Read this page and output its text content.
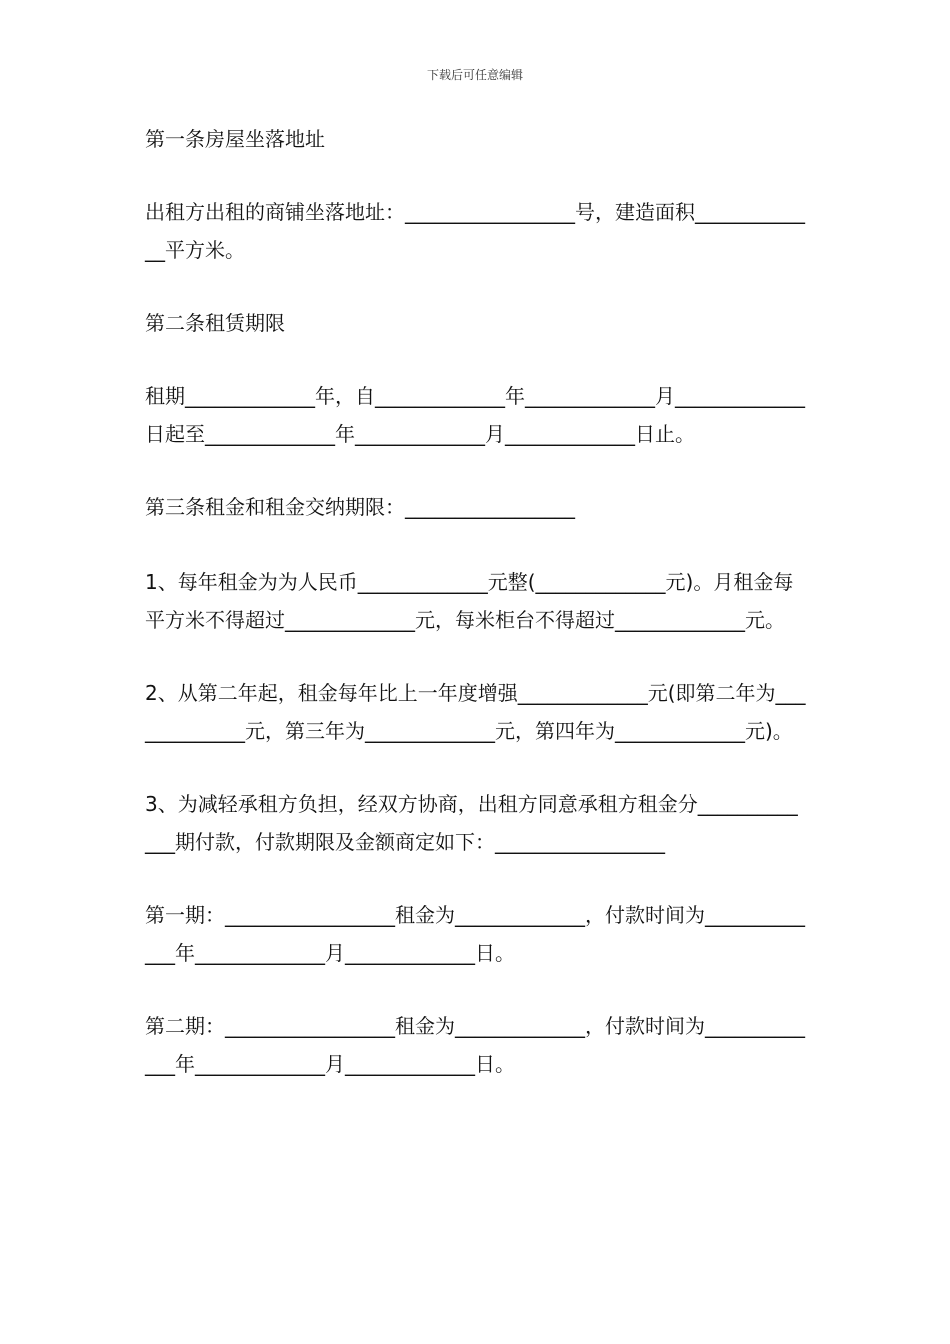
下载后可任意编辑

第一条房屋坐落地址

出租方出租的商铺坐落地址：_________________号，建造面积_____________平方米。

第二条租赁期限

租期_____________年，自_____________年_____________月_____________日起至_____________年_____________月_____________日止。

第三条租金和租金交纳期限：_________________

1、每年租金为为人民币_____________元整(_____________元)。月租金每平方米不得超过_____________元，每米柜台不得超过_____________元。

2、从第二年起，租金每年比上一年度增强_____________元(即第二年为_____________元，第三年为_____________元，第四年为_____________元)。

3、为减轻承租方负担，经双方协商，出租方同意承租方租金分_____________期付款，付款期限及金额商定如下：_________________

第一期：_________________租金为_____________，付款时间为_____________年_____________月_____________日。

第二期：_________________租金为_____________，付款时间为_____________年_____________月_____________日。
